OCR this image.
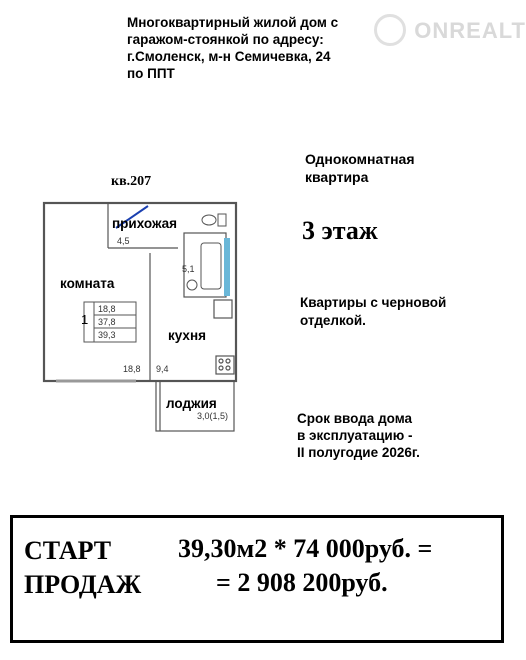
Многоквартирный жилой дом с
гаражом-стоянкой по адресу:
г.Смоленск, м-н Семичевка, 24
по ППТ
ONREALT
кв.207
Однокомнатная
квартира
3 этаж
Квартиры с черновой
отделкой.
Срок ввода дома
в эксплуатацию -
II полугодие 2026г.
прихожая
4,5
комната
5,1
кухня
лоджия
3,0(1,5)
1
18,8
37,8
39,3
18,8 9,4
СТАРТ
ПРОДАЖ
39,30м2 * 74 000руб. =
= 2 908 200руб.
